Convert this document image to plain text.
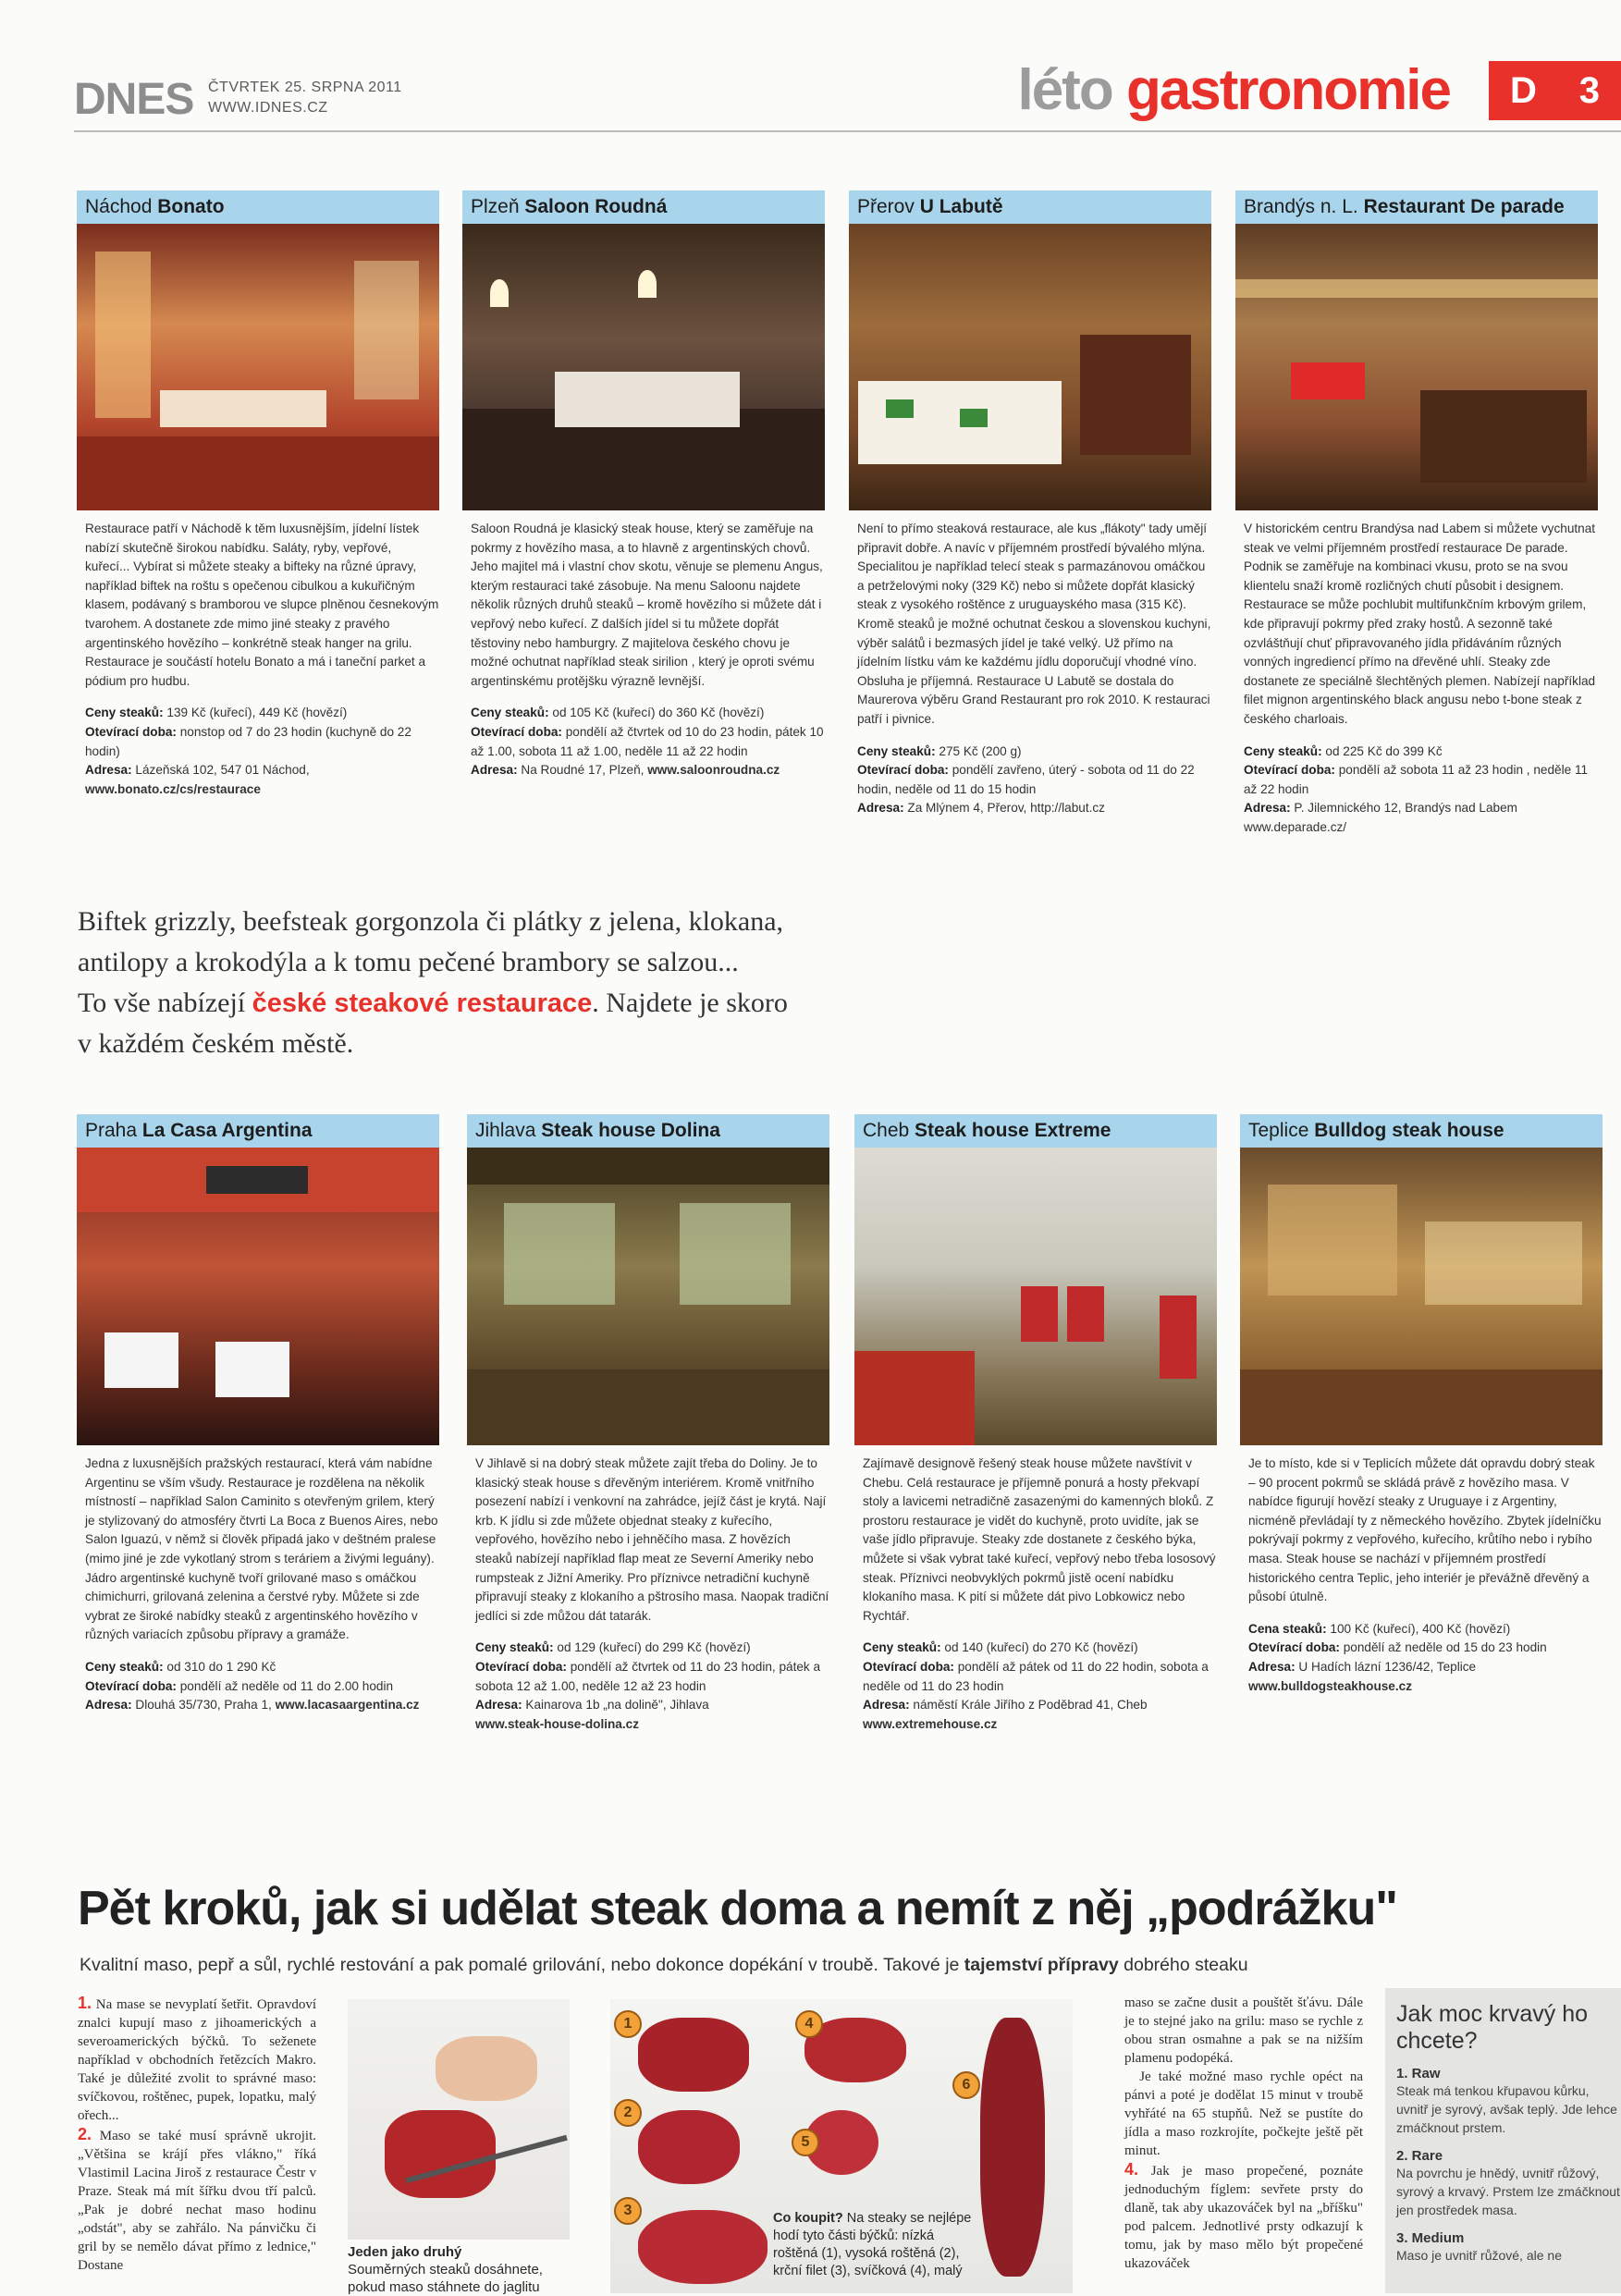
DNES ČTVRTEK 25. SRPNA 2011
WWW.IDNES.CZ	léto gastronomie D 3
Náchod Bonato
Restaurace patří v Náchodě k těm luxusnějším, jídelní lístek nabízí skutečně širokou nabídku. Saláty, ryby, vepřové, kuřecí... Vybírat si můžete steaky a bifteky na různé úpravy, například biftek na roštu s opečenou cibulkou a kukuřičným klasem, podávaný s bramborou ve slupce plněnou česnekovým tvarohem. A dostanete zde mimo jiné steaky z pravého argentinského hovězího – konkrétně steak hanger na grilu. Restaurace je součástí hotelu Bonato a má i taneční parket a pódium pro hudbu.
Ceny steaků: 139 Kč (kuřecí), 449 Kč (hovězí)
Otevírací doba: nonstop od 7 do 23 hodin (kuchyně do 22 hodin)
Adresa: Lázeňská 102, 547 01 Náchod,
www.bonato.cz/cs/restaurace
Plzeň Saloon Roudná
Saloon Roudná je klasický steak house, který se zaměřuje na pokrmy z hovězího masa, a to hlavně z argentinských chovů. Jeho majitel má i vlastní chov skotu, věnuje se plemenu Angus, kterým restauraci také zásobuje. Na menu Saloonu najdete několik různých druhů steaků – kromě hovězího si můžete dát i vepřový nebo kuřecí. Z dalších jídel si tu můžete dopřát těstoviny nebo hamburgry. Z majitelova českého chovu je možné ochutnat například steak sirilion , který je oproti svému argentinskému protějšku výrazně levnější.
Ceny steaků: od 105 Kč (kuřecí) do 360 Kč (hovězí)
Otevírací doba: pondělí až čtvrtek od 10 do 23 hodin, pátek 10 až 1.00, sobota 11 až 1.00, neděle 11 až 22 hodin
Adresa: Na Roudné 17, Plzeň, www.saloonroudna.cz
Přerov U Labutě
Není to přímo steaková restaurace, ale kus „flákoty" tady umějí připravit dobře. A navíc v příjemném prostředí bývalého mlýna. Specialitou je například telecí steak s parmazánovou omáčkou a petrželovými noky (329 Kč) nebo si můžete dopřát klasický steak z vysokého roštěnce z uruguayského masa (315 Kč). Kromě steaků je možné ochutnat českou a slovenskou kuchyni, výběr salátů i bezmasých jídel je také velký. Už přímo na jídelním lístku vám ke každému jídlu doporučují vhodné víno. Obsluha je příjemná. Restaurace U Labutě se dostala do Maurerova výběru Grand Restaurant pro rok 2010. K restauraci patří i pivnice.
Ceny steaků: 275 Kč (200 g)
Otevírací doba: pondělí zavřeno, úterý - sobota od 11 do 22 hodin, neděle od 11 do 15 hodin
Adresa: Za Mlýnem 4, Přerov, http://labut.cz
Brandýs n. L. Restaurant De parade
V historickém centru Brandýsa nad Labem si můžete vychutnat steak ve velmi příjemném prostředí restaurace De parade. Podnik se zaměřuje na kombinaci vkusu, proto se na svou klientelu snaží kromě rozličných chutí působit i designem. Restaurace se může pochlubit multifunkčním krbovým grilem, kde připravují pokrmy před zraky hostů. A sezonně také ozvláštňují chuť připravovaného jídla přidáváním různých vonných ingrediencí přímo na dřevěné uhlí. Steaky zde dostanete ze speciálně šlechtěných plemen. Nabízejí například filet mignon argentinského black angusu nebo t-bone steak z českého charloais.
Ceny steaků: od 225 Kč do 399 Kč
Otevírací doba: pondělí až sobota 11 až 23 hodin , neděle 11 až 22 hodin
Adresa: P. Jilemnického 12, Brandýs nad Labem
www.deparade.cz/
Biftek grizzly, beefsteak gorgonzola či plátky z jelena, klokana,
antilopy a krokodýla a k tomu pečené brambory se salzou...
To vše nabízejí české steakové restaurace. Najdete je skoro
v každém českém městě.
Praha La Casa Argentina
Jedna z luxusnějších pražských restaurací, která vám nabídne Argentinu se vším všudy. Restaurace je rozdělena na několik místností – například Salon Caminito s otevřeným grilem, který je stylizovaný do atmosféry čtvrti La Boca z Buenos Aires, nebo Salon Iguazú, v němž si člověk připadá jako v deštném pralese (mimo jiné je zde vykotlaný strom s teráriem a živými leguány). Jádro argentinské kuchyně tvoří grilované maso s omáčkou chimichurri, grilovaná zelenina a čerstvé ryby. Můžete si zde vybrat ze široké nabídky steaků z argentinského hovězího v různých variacích způsobu přípravy a gramáže.
Ceny steaků: od 310 do 1 290 Kč
Otevírací doba: pondělí až neděle od 11 do 2.00 hodin
Adresa: Dlouhá 35/730, Praha 1, www.lacasaargentina.cz
Jihlava Steak house Dolina
V Jihlavě si na dobrý steak můžete zajít třeba do Doliny. Je to klasický steak house s dřevěným interiérem. Kromě vnitřního posezení nabízí i venkovní na zahrádce, jejíž část je krytá. Nají krb. K jídlu si zde můžete objednat steaky z kuřecího, vepřového, hovězího nebo i jehněčího masa. Z hovězích steaků nabízejí například flap meat ze Severní Ameriky nebo rumpsteak z Jižní Ameriky. Pro příznivce netradiční kuchyně připravují steaky z klokaního a pštrosího masa. Naopak tradiční jedlíci si zde můžou dát tatarák.
Ceny steaků: od 129 (kuřecí) do 299 Kč (hovězí)
Otevírací doba: pondělí až čtvrtek od 11 do 23 hodin, pátek a sobota 12 až 1.00, neděle 12 až 23 hodin
Adresa: Kainarova 1b „na dolině", Jihlava
www.steak-house-dolina.cz
Cheb Steak house Extreme
Zajímavě designově řešený steak house můžete navštívit v Chebu. Celá restaurace je příjemně ponurá a hosty překvapí stoly a lavicemi netradičně zasazenými do kamenných bloků. Z prostoru restaurace je vidět do kuchyně, proto uvidíte, jak se vaše jídlo připravuje. Steaky zde dostanete z českého býka, můžete si však vybrat také kuřecí, vepřový nebo třeba lososový steak. Příznivci neobvyklých pokrmů jistě ocení nabídku klokaního masa. K pití si můžete dát pivo Lobkowicz nebo Rychtář.
Ceny steaků: od 140 (kuřecí) do 270 Kč (hovězí)
Otevírací doba: pondělí až pátek od 11 do 22 hodin, sobota a neděle od 11 do 23 hodin
Adresa: náměstí Krále Jiřího z Poděbrad 41, Cheb
www.extremehouse.cz
Teplice Bulldog steak house
Je to místo, kde si v Teplicích můžete dát opravdu dobrý steak – 90 procent pokrmů se skládá právě z hovězího masa. V nabídce figurují hovězí steaky z Uruguaye i z Argentiny, nicméně převládají ty z německého hovězího. Zbytek jídelníčku pokrývají pokrmy z vepřového, kuřecího, krůtího nebo i rybího masa. Steak house se nachází v příjemném prostředí historického centra Teplic, jeho interiér je převážně dřevěný a působí útulně.
Cena steaků: 100 Kč (kuřecí), 400 Kč (hovězí)
Otevírací doba: pondělí až neděle od 15 do 23 hodin
Adresa: U Hadích lázní 1236/42, Teplice
www.bulldogsteakhouse.cz
Pět kroků, jak si udělat steak doma a nemít z něj „podrážku"
Kvalitní maso, pepř a sůl, rychlé restování a pak pomalé grilování, nebo dokonce dopékání v troubě. Takové je tajemství přípravy dobrého steaku
1. Na mase se nevyplatí šetřit. Opravdoví znalci kupují maso z jihoamerických a severoamerických býčků. To seženete například v obchodních řetězcích Makro. Také je důležité zvolit to správné maso: svíčkovou, roštěnec, pupek, lopatku, malý ořech...
2. Maso se také musí správně ukrojit. „Většina se krájí přes vlákno," říká Vlastimil Lacina Jiroš z restaurace Čestr v Praze. Steak má mít šířku dvou tří palců. „Pak je dobré nechat maso hodinu „odstát", aby se zahřálo. Na pánvičku či gril by se nemělo dávat přímo z lednice," Dostane
Jeden jako druhý
Souměrných steaků dosáhnete, pokud maso stáhnete do jaglitu
1	4
2
5
6
3	Co koupit? Na steaky se nejlépe hodí tyto části býčků: nízká roštěná (1), vysoká roštěná (2), krční filet (3), svíčková (4), malý
maso se začne dusit a pouštět šťávu. Dále je to stejné jako na grilu: maso se rychle z obou stran osmahne a pak se na nižším plamenu podopéká.
Je také možné maso rychle opéct na pánvi a poté je dodělat 15 minut v troubě vyhřáté na 65 stupňů. Než se pustíte do jídla a maso rozkrojíte, počkejte ještě pět minut.
4. Jak je maso propečené, poznáte jednoduchým fíglem: sevřete prsty do dlaně, tak aby ukazováček byl na „bříšku" pod palcem. Jednotlivé prsty odkazují k tomu, jak by maso mělo být propečené ukazováček
Jak moc krvavý ho chcete?
1. Raw
Steak má tenkou křupavou kůrku, uvnitř je syrový, avšak teplý. Jde lehce zmáčknout prstem.
2. Rare
Na povrchu je hnědý, uvnitř růžový, syrový a krvavý. Prstem lze zmáčknout jen prostředek masa.
3. Medium
Maso je uvnitř růžové, ale ne
